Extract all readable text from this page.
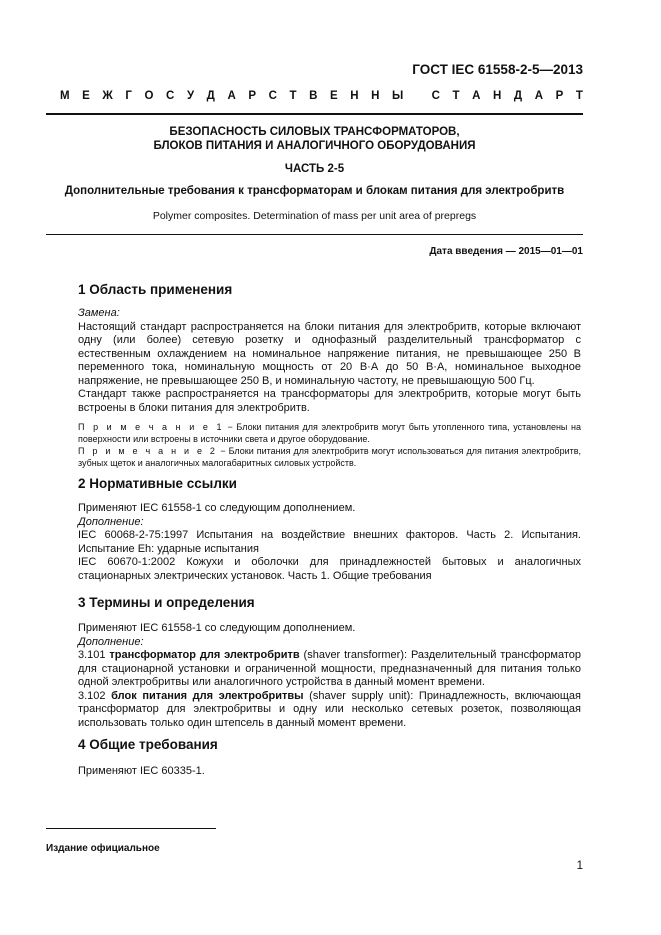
ГОСТ IEC 61558-2-5—2013
М Е Ж Г О С У Д А Р С Т В Е Н Н Ы
С Т А Н Д А Р Т
БЕЗОПАСНОСТЬ СИЛОВЫХ ТРАНСФОРМАТОРОВ,
БЛОКОВ ПИТАНИЯ И АНАЛОГИЧНОГО ОБОРУДОВАНИЯ
ЧАСТЬ 2-5
Дополнительные требования к трансформаторам и блокам питания для электробритв
Polymer composites. Determination of mass per unit area of prepregs
Дата введения — 2015—01—01
1 Область применения

Замена:

Настоящий стандарт распространяется на блоки питания для электробритв, которые включают одну (или более) сетевую розетку и однофазный разделительный трансформатор с естественным охлаждением на номинальное напряжение питания, не превышающее 250 В переменного тока, номинальную мощность от 20 В·А до 50 В·А, номинальное выходное напряжение, не превышающее 250 В, и номинальную частоту, не превышающую 500 Гц.

Стандарт также распространяется на трансформаторы для электробритв, которые могут быть встроены в блоки питания для электробритв.

П р и м е ч а н и е 1 − Блоки питания для электробритв могут быть утопленного типа, установлены на поверхности или встроены в источники света и другое оборудование.

П р и м е ч а н и е 2 − Блоки питания для электробритв могут использоваться для питания электробритв, зубных щеток и аналогичных малогабаритных силовых устройств.

2 Нормативные ссылки

Применяют IEC 61558-1 со следующим дополнением.

Дополнение:

IEC 60068-2-75:1997 Испытания на воздействие внешних факторов. Часть 2. Испытания. Испытание Eh: ударные испытания

IEC 60670-1:2002 Кожухи и оболочки для принадлежностей бытовых и аналогичных стационарных электрических установок. Часть 1. Общие требования

3 Термины и определения

Применяют IEC 61558-1 со следующим дополнением.

Дополнение:

3.101 трансформатор для электробритв (shaver transformer): Разделительный трансформатор для стационарной установки и ограниченной мощности, предназначенный для питания только одной электробритвы или аналогичного устройства в данный момент времени.

3.102 блок питания для электробритвы (shaver supply unit): Принадлежность, включающая трансформатор для электробритвы и одну или несколько сетевых розеток, позволяющая использовать только один штепсель в данный момент времени.

4 Общие требования

Применяют IEC 60335-1.

Издание официальное
1
